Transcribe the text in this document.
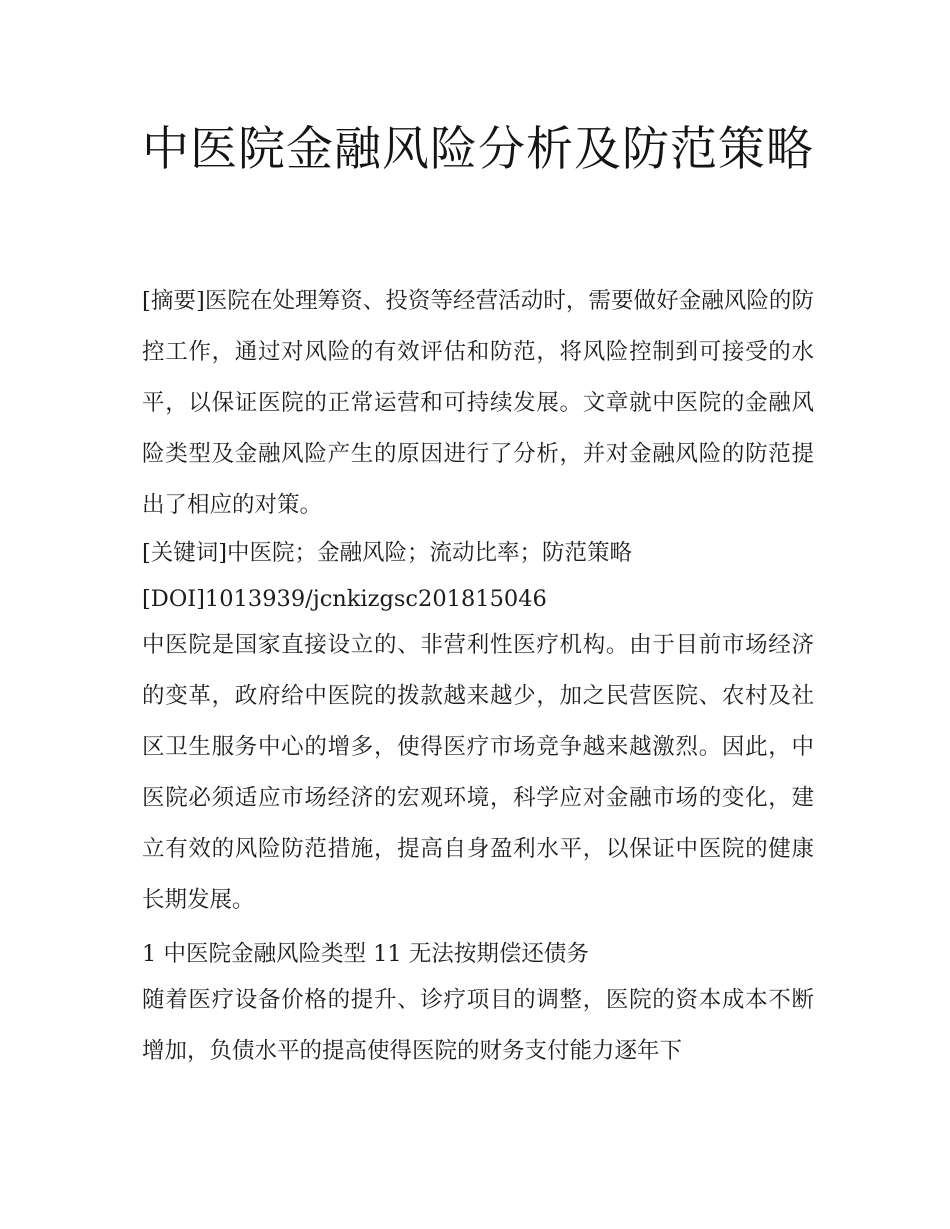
中医院金融风险分析及防范策略

[摘要]医院在处理筹资、投资等经营活动时，需要做好金融风险的防控工作，通过对风险的有效评估和防范，将风险控制到可接受的水平，以保证医院的正常运营和可持续发展。文章就中医院的金融风险类型及金融风险产生的原因进行了分析，并对金融风险的防范提出了相应的对策。

[关键词]中医院；金融风险；流动比率；防范策略

[DOI]1013939/jcnkizgsc201815046

中医院是国家直接设立的、非营利性医疗机构。由于目前市场经济的变革，政府给中医院的拨款越来越少，加之民营医院、农村及社区卫生服务中心的增多，使得医疗市场竞争越来越激烈。因此，中医院必须适应市场经济的宏观环境，科学应对金融市场的变化，建立有效的风险防范措施，提高自身盈利水平，以保证中医院的健康长期发展。

1 中医院金融风险类型 11 无法按期偿还债务

随着医疗设备价格的提升、诊疗项目的调整，医院的资本成本不断增加，负债水平的提高使得医院的财务支付能力逐年下
